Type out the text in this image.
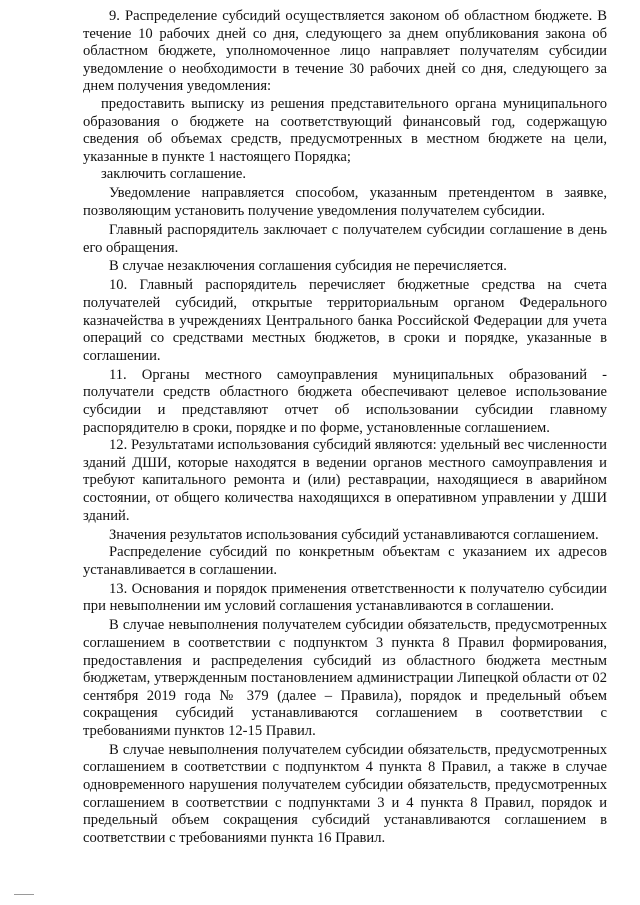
9. Распределение субсидий осуществляется законом об областном бюджете. В течение 10 рабочих дней со дня, следующего за днем опубликования закона об областном бюджете, уполномоченное лицо направляет получателям субсидии уведомление о необходимости в течение 30 рабочих дней со дня, следующего за днем получения уведомления:

предоставить выписку из решения представительного органа муниципального образования о бюджете на соответствующий финансовый год, содержащую сведения об объемах средств, предусмотренных в местном бюджете на цели, указанные в пункте 1 настоящего Порядка;

заключить соглашение.

Уведомление направляется способом, указанным претендентом в заявке, позволяющим установить получение уведомления получателем субсидии.

Главный распорядитель заключает с получателем субсидии соглашение в день его обращения.

В случае незаключения соглашения субсидия не перечисляется.

10. Главный распорядитель перечисляет бюджетные средства на счета получателей субсидий, открытые территориальным органом Федерального казначейства в учреждениях Центрального банка Российской Федерации для учета операций со средствами местных бюджетов, в сроки и порядке, указанные в соглашении.

11. Органы местного самоуправления муниципальных образований - получатели средств областного бюджета обеспечивают целевое использование субсидии и представляют отчет об использовании субсидии главному распорядителю в сроки, порядке и по форме, установленные соглашением.

12. Результатами использования субсидий являются: удельный вес численности зданий ДШИ, которые находятся в ведении органов местного самоуправления и требуют капитального ремонта и (или) реставрации, находящиеся в аварийном состоянии, от общего количества находящихся в оперативном управлении у ДШИ зданий.

Значения результатов использования субсидий устанавливаются соглашением.

Распределение субсидий по конкретным объектам с указанием их адресов устанавливается в соглашении.

13. Основания и порядок применения ответственности к получателю субсидии при невыполнении им условий соглашения устанавливаются в соглашении.

В случае невыполнения получателем субсидии обязательств, предусмотренных соглашением в соответствии с подпунктом 3 пункта 8 Правил формирования, предоставления и распределения субсидий из областного бюджета местным бюджетам, утвержденным постановлением администрации Липецкой области от 02 сентября 2019 года № 379 (далее – Правила), порядок и предельный объем сокращения субсидий устанавливаются соглашением в соответствии с требованиями пунктов 12-15 Правил.

В случае невыполнения получателем субсидии обязательств, предусмотренных соглашением в соответствии с подпунктом 4 пункта 8 Правил, а также в случае одновременного нарушения получателем субсидии обязательств, предусмотренных соглашением в соответствии с подпунктами 3 и 4 пункта 8 Правил, порядок и предельный объем сокращения субсидий устанавливаются соглашением в соответствии с требованиями пункта 16 Правил.
